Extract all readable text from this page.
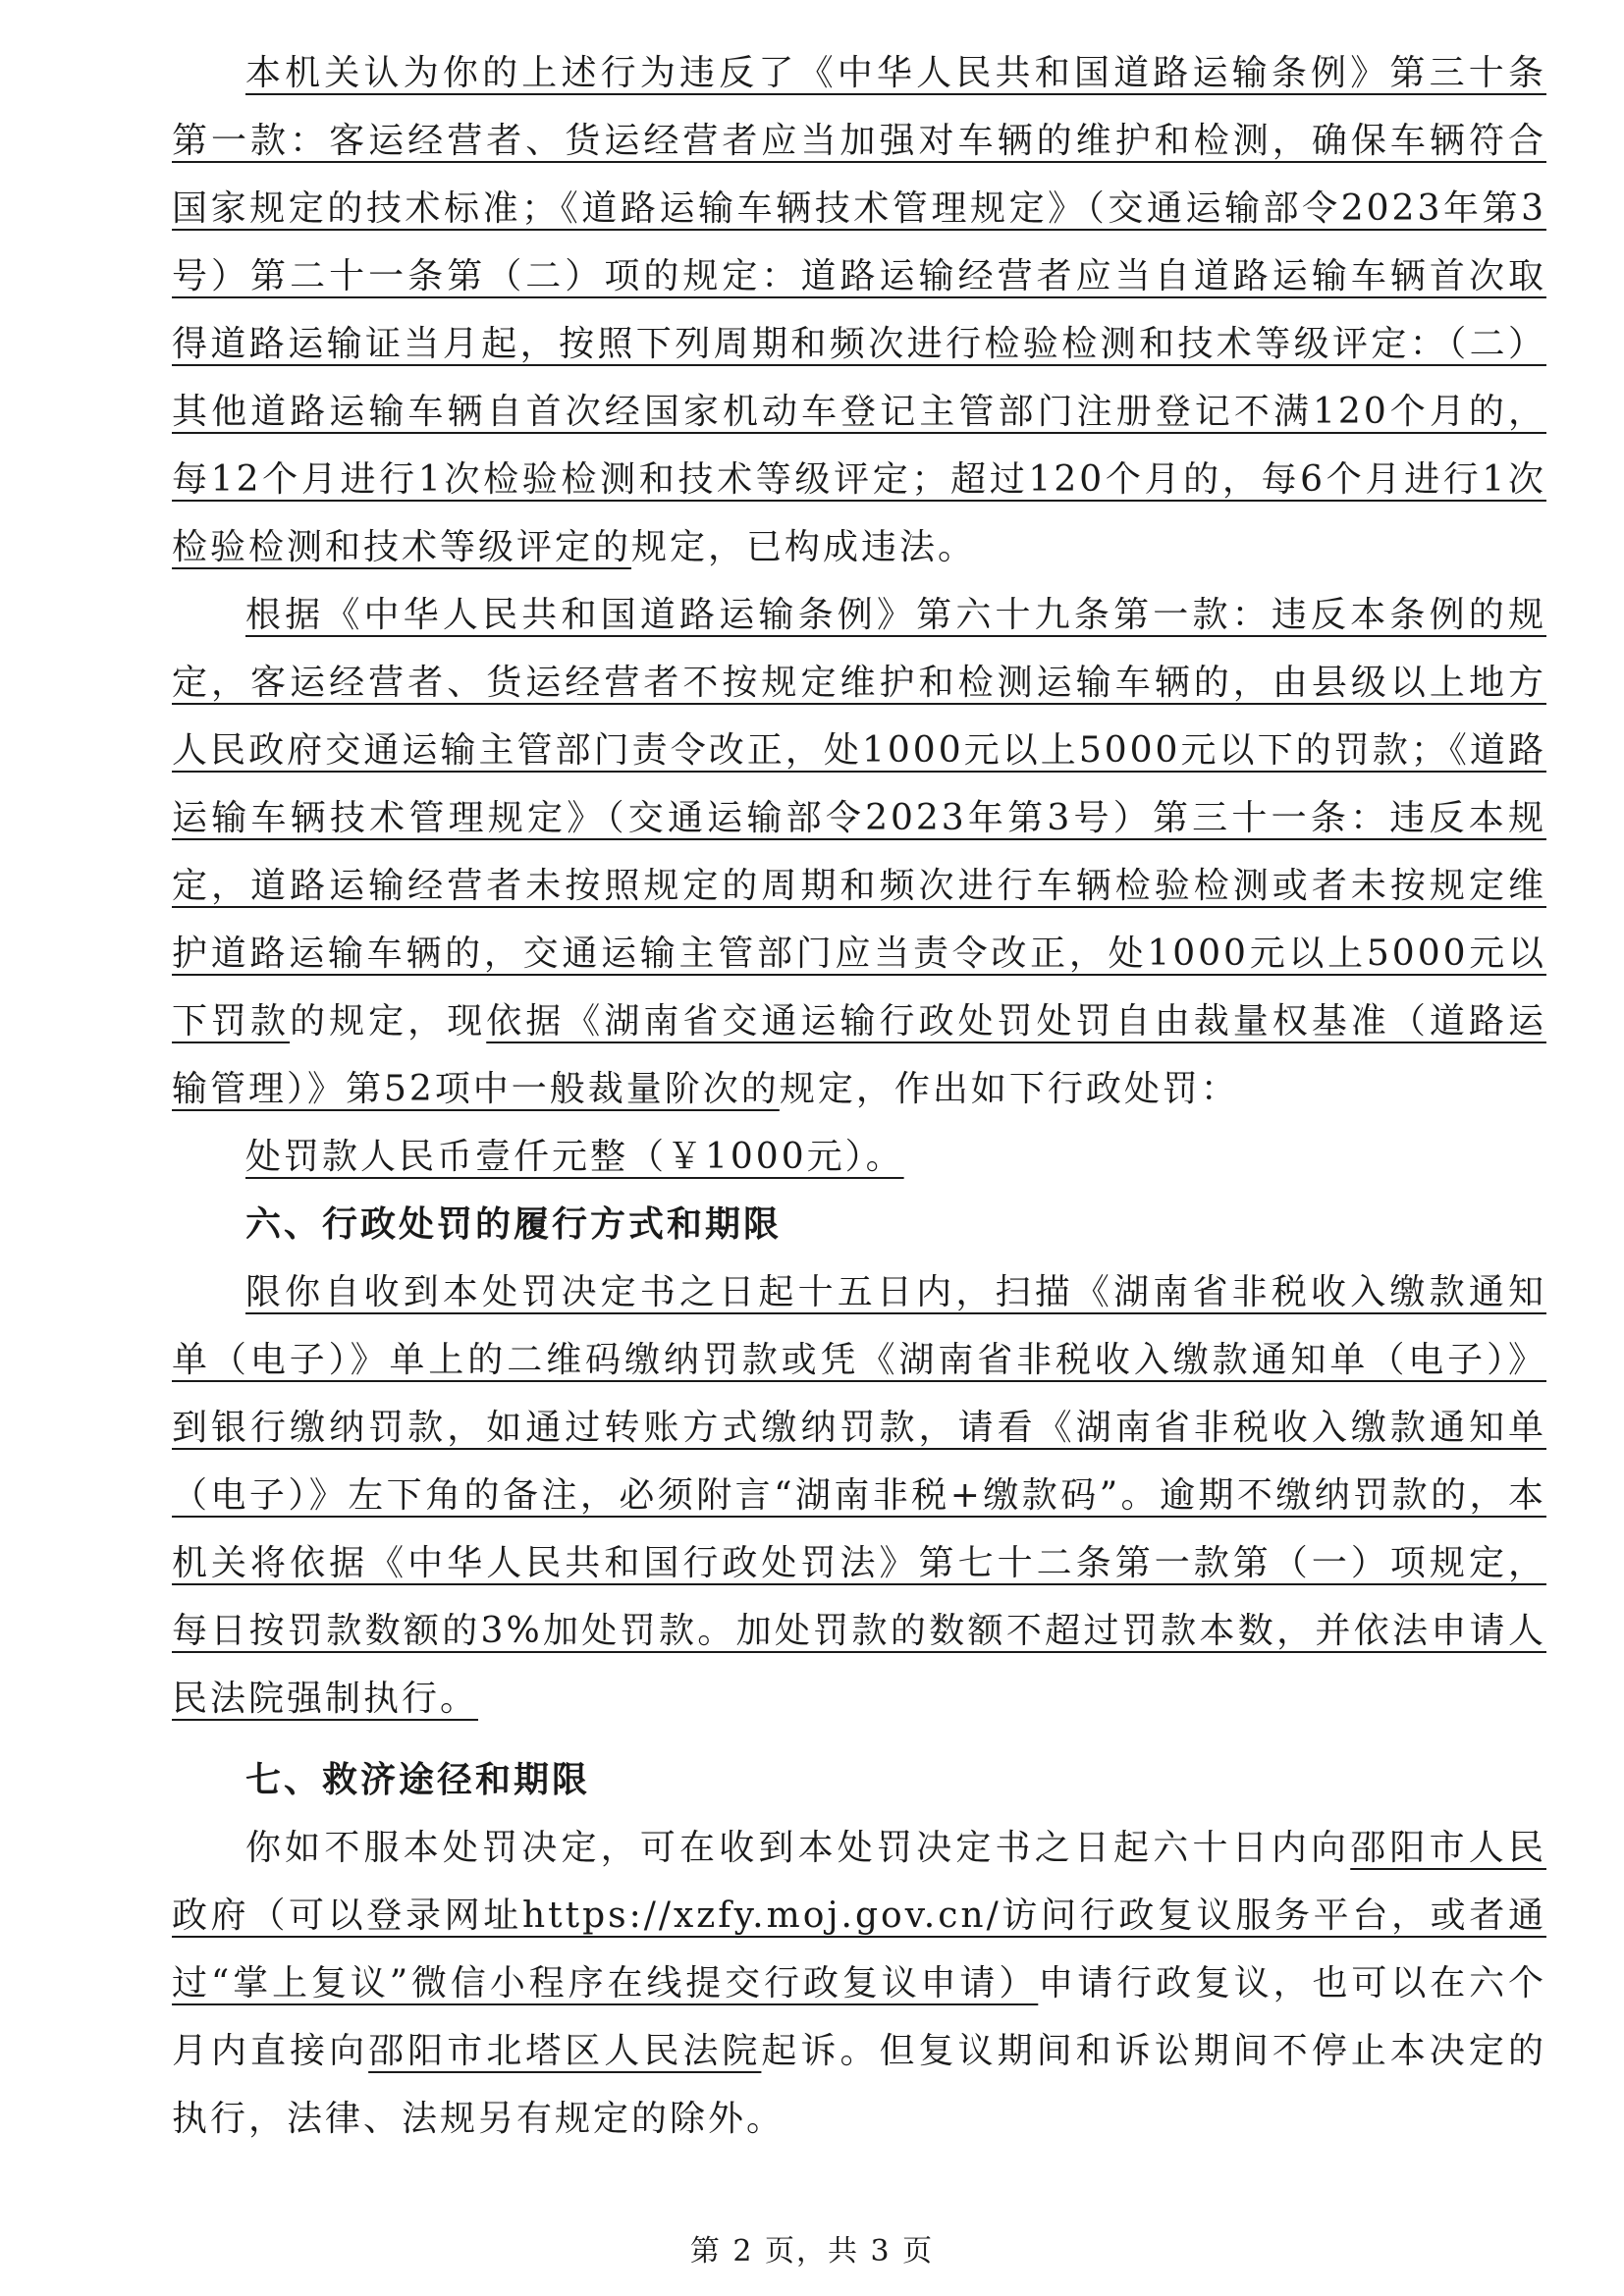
本机关认为你的上述行为违反了《中华人民共和国道路运输条例》第三十条第一款：客运经营者、货运经营者应当加强对车辆的维护和检测，确保车辆符合国家规定的技术标准；《道路运输车辆技术管理规定》（交通运输部令2023年第3号）第二十一条第（二）项的规定：道路运输经营者应当自道路运输车辆首次取得道路运输证当月起，按照下列周期和频次进行检验检测和技术等级评定：（二）其他道路运输车辆自首次经国家机动车登记主管部门注册登记不满120个月的，每12个月进行1次检验检测和技术等级评定；超过120个月的，每6个月进行1次检验检测和技术等级评定的规定，已构成违法。

根据《中华人民共和国道路运输条例》第六十九条第一款：违反本条例的规定，客运经营者、货运经营者不按规定维护和检测运输车辆的，由县级以上地方人民政府交通运输主管部门责令改正，处1000元以上5000元以下的罚款；《道路运输车辆技术管理规定》（交通运输部令2023年第3号）第三十一条：违反本规定，道路运输经营者未按照规定的周期和频次进行车辆检验检测或者未按规定维护道路运输车辆的，交通运输主管部门应当责令改正，处1000元以上5000元以下罚款的规定，现依据《湖南省交通运输行政处罚处罚自由裁量权基准（道路运输管理）》第52项中一般裁量阶次的规定，作出如下行政处罚：

处罚款人民币壹仟元整（￥1000元）。

六、行政处罚的履行方式和期限

限你自收到本处罚决定书之日起十五日内，扫描《湖南省非税收入缴款通知单（电子）》单上的二维码缴纳罚款或凭《湖南省非税收入缴款通知单（电子）》到银行缴纳罚款，如通过转账方式缴纳罚款，请看《湖南省非税收入缴款通知单（电子）》左下角的备注，必须附言“湖南非税+缴款码”。逾期不缴纳罚款的，本机关将依据《中华人民共和国行政处罚法》第七十二条第一款第（一）项规定，每日按罚款数额的3%加处罚款。加处罚款的数额不超过罚款本数，并依法申请人民法院强制执行。

七、救济途径和期限

你如不服本处罚决定，可在收到本处罚决定书之日起六十日内向邵阳市人民政府（可以登录网址https://xzfy.moj.gov.cn/访问行政复议服务平台，或者通过“掌上复议”微信小程序在线提交行政复议申请）申请行政复议，也可以在六个月内直接向邵阳市北塔区人民法院起诉。但复议期间和诉讼期间不停止本决定的执行，法律、法规另有规定的除外。

第 2 页，共 3 页
